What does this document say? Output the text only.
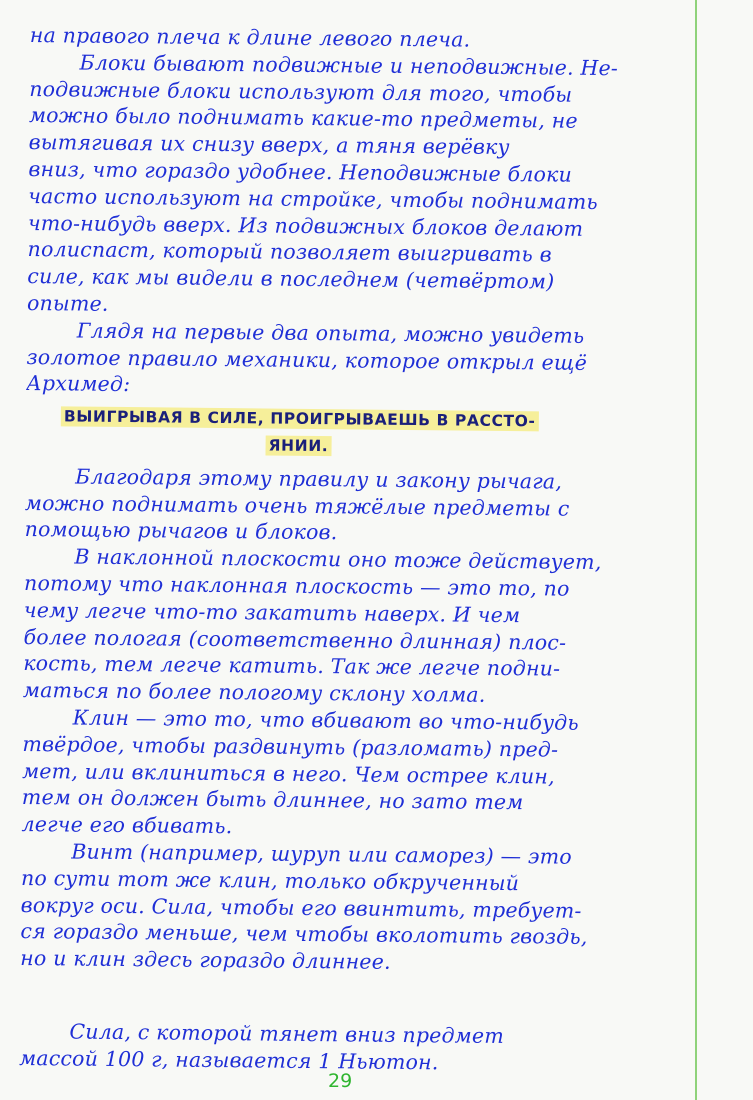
на правого плеча к длине левого плеча.
Блоки бывают подвижные и неподвижные. Не-
подвижные блоки используют для того, чтобы
можно было поднимать какие-то предметы, не
вытягивая их снизу вверх, а тяня верёвку
вниз, что гораздо удобнее. Неподвижные блоки
часто используют на стройке, чтобы поднимать
что-нибудь вверх. Из подвижных блоков делают
полиспаст, который позволяет выигривать в
силе, как мы видели в последнем (четвёртом)
опыте.
Глядя на первые два опыта, можно увидеть
золотое правило механики, которое открыл ещё
Архимед:
ВЫИГРЫВАЯ В СИЛЕ, ПРОИГРЫВАЕШЬ В РАССТО-
ЯНИИ.
Благодаря этому правилу и закону рычага,
можно поднимать очень тяжёлые предметы с
помощью рычагов и блоков.
В наклонной плоскости оно тоже действует,
потому что наклонная плоскость — это то, по
чему легче что-то закатить наверх. И чем
более пологая (соответственно длинная) плос-
кость, тем легче катить. Так же легче подни-
маться по более пологому склону холма.
Клин — это то, что вбивают во что-нибудь
твёрдое, чтобы раздвинуть (разломать) пред-
мет, или вклиниться в него. Чем острее клин,
тем он должен быть длиннее, но зато тем
легче его вбивать.
Винт (например, шуруп или саморез) — это
по сути тот же клин, только обкрученный
вокруг оси. Сила, чтобы его ввинтить, требует-
ся гораздо меньше, чем чтобы вколотить гвоздь,
но и клин здесь гораздо длиннее.
Сила, с которой тянет вниз предмет
массой 100 г, называется 1 Ньютон.
29
